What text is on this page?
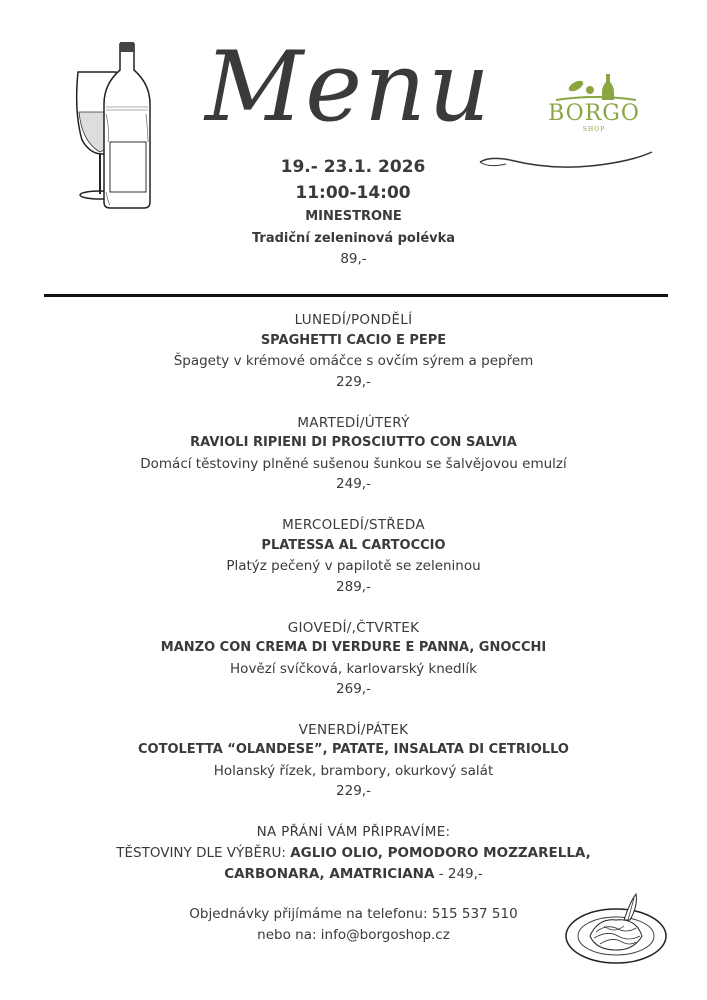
Menu	BORGO
SHOP
19.- 23.1. 2026
11:00-14:00
MINESTRONE
Tradiční zeleninová polévka
89,-
LUNEDÍ/PONDĚLÍ
SPAGHETTI CACIO E PEPE
Špagety v krémové omáčce s ovčím sýrem a pepřem
229,-
MARTEDÍ/ÚTERÝ
RAVIOLI RIPIENI DI PROSCIUTTO CON SALVIA
Domácí těstoviny plněné sušenou šunkou se šalvějovou emulzí
249,-
MERCOLEDÍ/STŘEDA
PLATESSA AL CARTOCCIO
Platýz pečený v papilotě se zeleninou
289,-
GIOVEDÍ/,ČTVRTEK
MANZO CON CREMA DI VERDURE E PANNA, GNOCCHI
Hovězí svíčková, karlovarský knedlík
269,-
VENERDÍ/PÁTEK
COTOLETTA “OLANDESE”, PATATE, INSALATA DI CETRIOLLO
Holanský řízek, brambory, okurkový salát
229,-
NA PŘÁNÍ VÁM PŘIPRAVÍME:
TĚSTOVINY DLE VÝBĚRU: AGLIO OLIO, POMODORO MOZZARELLA,
CARBONARA, AMATRICIANA - 249,-
Objednávky přijímáme na telefonu: 515 537 510
nebo na: info@borgoshop.cz
